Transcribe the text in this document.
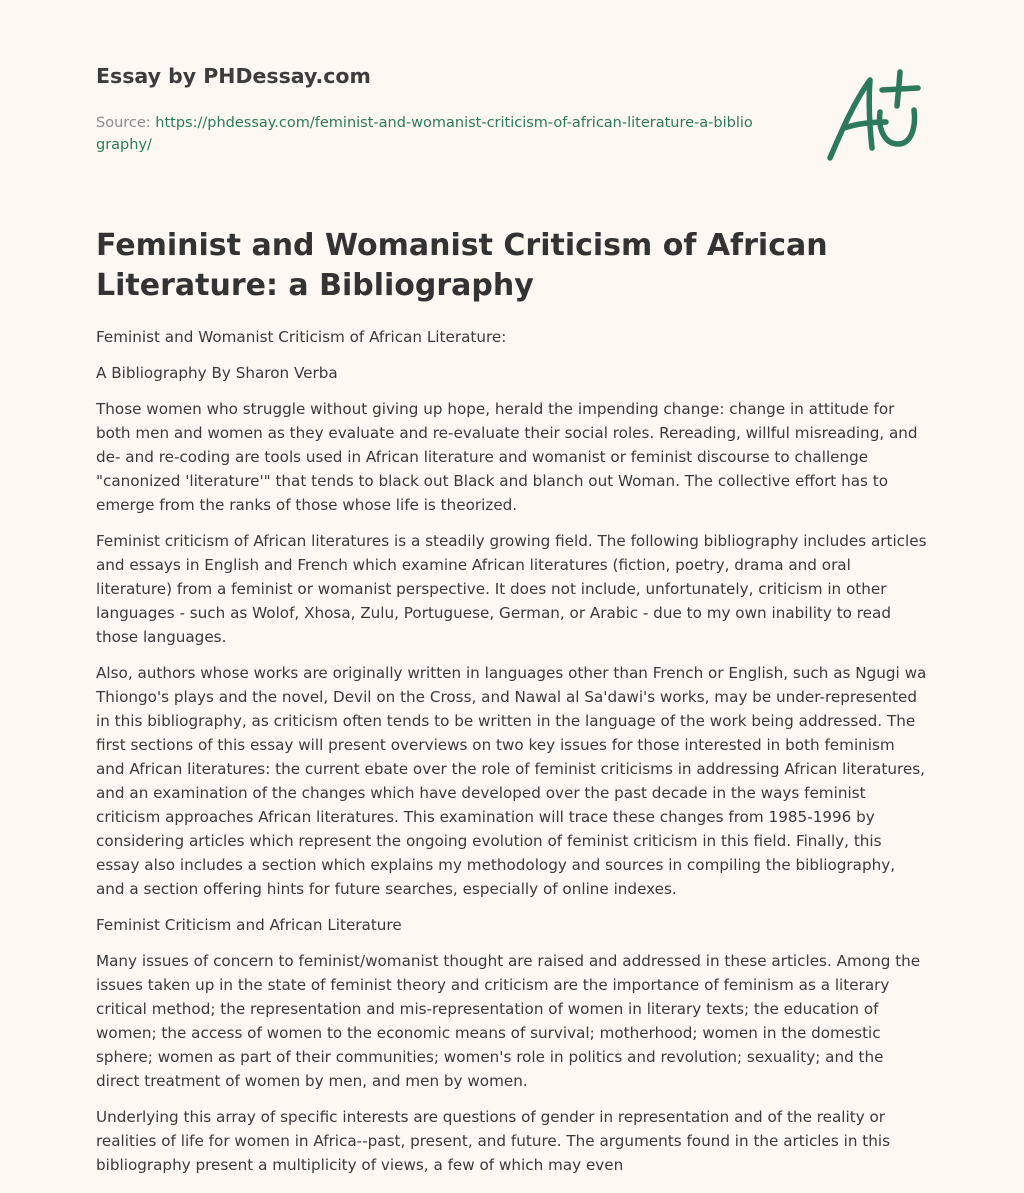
Essay by PHDessay.com
Source: https://phdessay.com/feminist-and-womanist-criticism-of-african-literature-a-bibliography/
Feminist and Womanist Criticism of African Literature: a Bibliography

Feminist and Womanist Criticism of African Literature:

A Bibliography By Sharon Verba

Those women who struggle without giving up hope, herald the impending change: change in attitude for both men and women as they evaluate and re-evaluate their social roles. Rereading, willful misreading, and de- and re-coding are tools used in African literature and womanist or feminist discourse to challenge "canonized 'literature'" that tends to black out Black and blanch out Woman. The collective effort has to emerge from the ranks of those whose life is theorized.

Feminist criticism of African literatures is a steadily growing field. The following bibliography includes articles and essays in English and French which examine African literatures (fiction, poetry, drama and oral literature) from a feminist or womanist perspective. It does not include, unfortunately, criticism in other languages - such as Wolof, Xhosa, Zulu, Portuguese, German, or Arabic - due to my own inability to read those languages.

Also, authors whose works are originally written in languages other than French or English, such as Ngugi wa Thiongo's plays and the novel, Devil on the Cross, and Nawal al Sa'dawi's works, may be under-represented in this bibliography, as criticism often tends to be written in the language of the work being addressed. The first sections of this essay will present overviews on two key issues for those interested in both feminism and African literatures: the current ebate over the role of feminist criticisms in addressing African literatures, and an examination of the changes which have developed over the past decade in the ways feminist criticism approaches African literatures. This examination will trace these changes from 1985-1996 by considering articles which represent the ongoing evolution of feminist criticism in this field. Finally, this essay also includes a section which explains my methodology and sources in compiling the bibliography, and a section offering hints for future searches, especially of online indexes.

Feminist Criticism and African Literature

Many issues of concern to feminist/womanist thought are raised and addressed in these articles. Among the issues taken up in the state of feminist theory and criticism are the importance of feminism as a literary critical method; the representation and mis-representation of women in literary texts; the education of women; the access of women to the economic means of survival; motherhood; women in the domestic sphere; women as part of their communities; women's role in politics and revolution; sexuality; and the direct treatment of women by men, and men by women.

Underlying this array of specific interests are questions of gender in representation and of the reality or realities of life for women in Africa--past, present, and future. The arguments found in the articles in this bibliography present a multiplicity of views, a few of which may even
